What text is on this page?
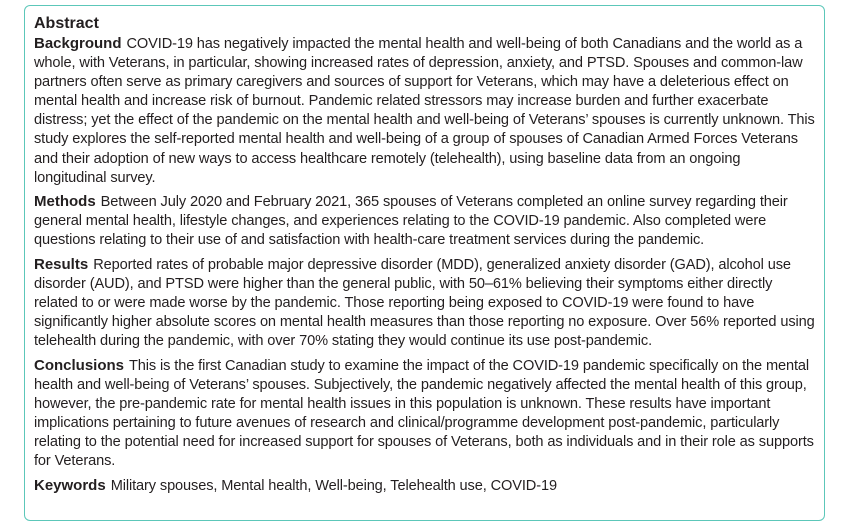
Abstract

Background COVID-19 has negatively impacted the mental health and well-being of both Canadians and the world as a whole, with Veterans, in particular, showing increased rates of depression, anxiety, and PTSD. Spouses and common-law partners often serve as primary caregivers and sources of support for Veterans, which may have a deleterious effect on mental health and increase risk of burnout. Pandemic related stressors may increase burden and further exacerbate distress; yet the effect of the pandemic on the mental health and well-being of Veterans’ spouses is currently unknown. This study explores the self-reported mental health and well-being of a group of spouses of Canadian Armed Forces Veterans and their adoption of new ways to access healthcare remotely (telehealth), using baseline data from an ongoing longitudinal survey.

Methods Between July 2020 and February 2021, 365 spouses of Veterans completed an online survey regarding their general mental health, lifestyle changes, and experiences relating to the COVID-19 pandemic. Also completed were questions relating to their use of and satisfaction with health-care treatment services during the pandemic.

Results Reported rates of probable major depressive disorder (MDD), generalized anxiety disorder (GAD), alcohol use disorder (AUD), and PTSD were higher than the general public, with 50–61% believing their symptoms either directly related to or were made worse by the pandemic. Those reporting being exposed to COVID-19 were found to have significantly higher absolute scores on mental health measures than those reporting no exposure. Over 56% reported using telehealth during the pandemic, with over 70% stating they would continue its use post-pandemic.

Conclusions This is the first Canadian study to examine the impact of the COVID-19 pandemic specifically on the mental health and well-being of Veterans’ spouses. Subjectively, the pandemic negatively affected the mental health of this group, however, the pre-pandemic rate for mental health issues in this population is unknown. These results have important implications pertaining to future avenues of research and clinical/programme development post-pandemic, particularly relating to the potential need for increased support for spouses of Veterans, both as individuals and in their role as supports for Veterans.

Keywords Military spouses, Mental health, Well-being, Telehealth use, COVID-19
